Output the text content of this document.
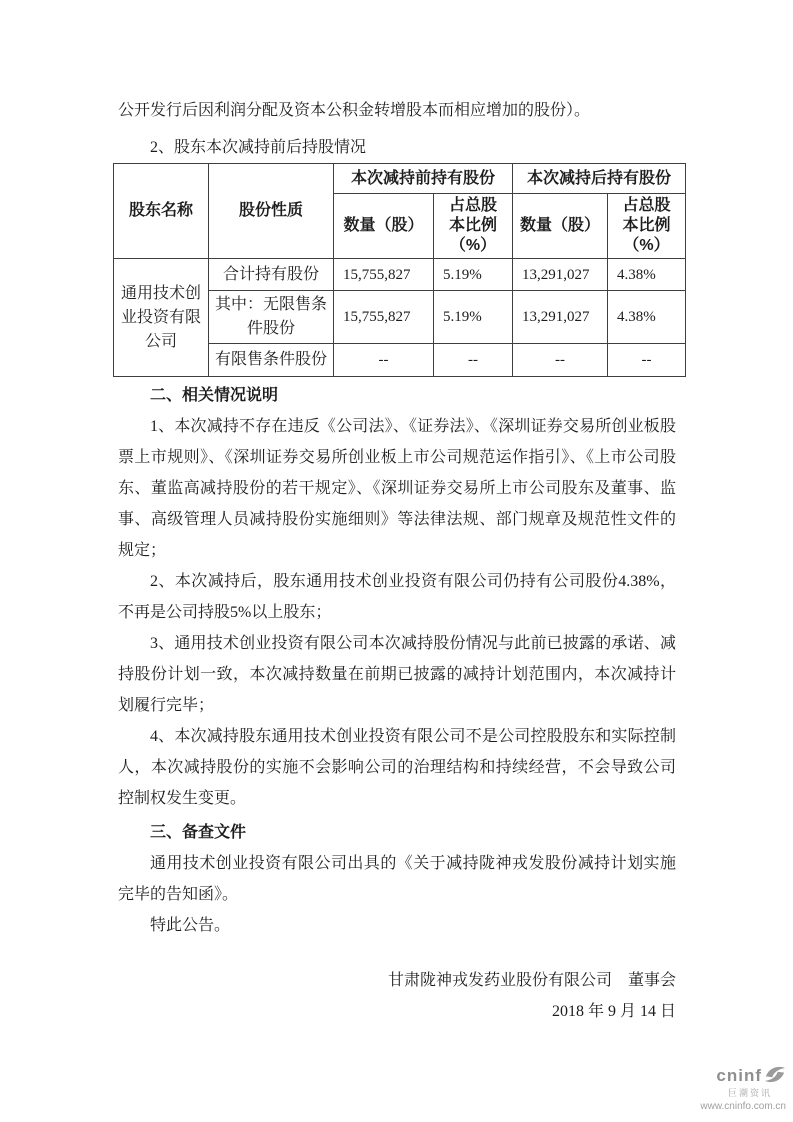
公开发行后因利润分配及资本公积金转增股本而相应增加的股份）。

2、股东本次减持前后持股情况

股东名称	股份性质	本次减持前持有股份		本次减持后持有股份	
		数量（股）	占总股本比例（%）	数量（股）	占总股本比例（%）
通用技术创业投资有限公司	合计持有股份	15,755,827	5.19%	13,291,027	4.38%
	其中：无限售条件股份	15,755,827	5.19%	13,291,027	4.38%
	有限售条件股份	--	--	--	--

二、相关情况说明

1、本次减持不存在违反《公司法》、《证券法》、《深圳证券交易所创业板股票上市规则》、《深圳证券交易所创业板上市公司规范运作指引》、《上市公司股东、董监高减持股份的若干规定》、《深圳证券交易所上市公司股东及董事、监事、高级管理人员减持股份实施细则》等法律法规、部门规章及规范性文件的规定；

2、本次减持后，股东通用技术创业投资有限公司仍持有公司股份4.38%，不再是公司持股5%以上股东；

3、通用技术创业投资有限公司本次减持股份情况与此前已披露的承诺、减持股份计划一致，本次减持数量在前期已披露的减持计划范围内，本次减持计划履行完毕；

4、本次减持股东通用技术创业投资有限公司不是公司控股股东和实际控制人，本次减持股份的实施不会影响公司的治理结构和持续经营，不会导致公司控制权发生变更。

三、备查文件

通用技术创业投资有限公司出具的《关于减持陇神戎发股份减持计划实施完毕的告知函》。

特此公告。

甘肃陇神戎发药业股份有限公司　董事会

2018 年 9 月 14 日

cninf
巨潮资讯
www.cninfo.com.cn
